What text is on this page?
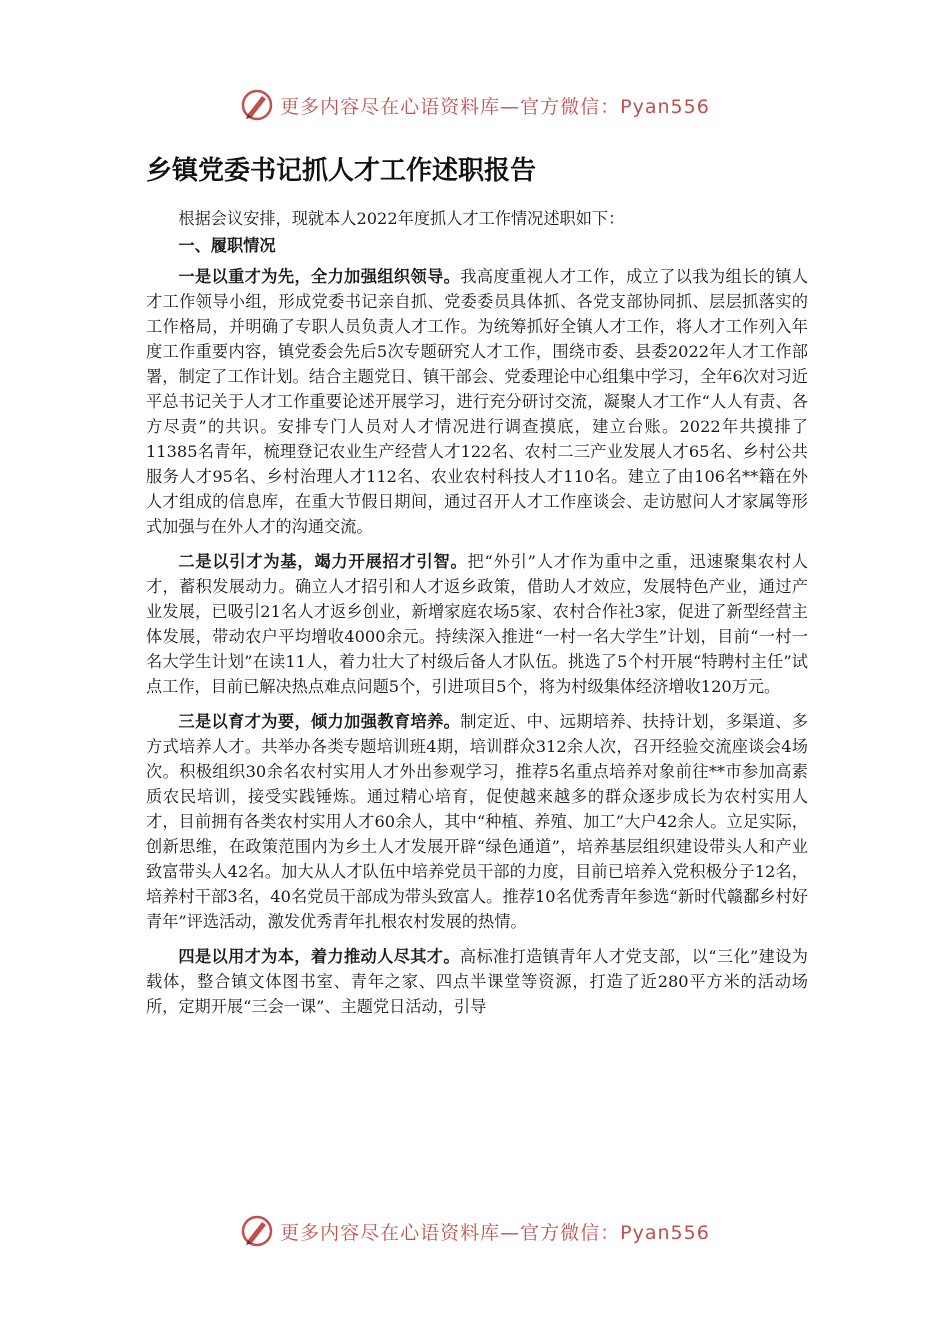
更多内容尽在心语资料库—官方微信：Pyan556
乡镇党委书记抓人才工作述职报告

根据会议安排，现就本人2022年度抓人才工作情况述职如下：

一、履职情况

一是以重才为先，全力加强组织领导。我高度重视人才工作，成立了以我为组长的镇人才工作领导小组，形成党委书记亲自抓、党委委员具体抓、各党支部协同抓、层层抓落实的工作格局，并明确了专职人员负责人才工作。为统筹抓好全镇人才工作，将人才工作列入年度工作重要内容，镇党委会先后5次专题研究人才工作，围绕市委、县委2022年人才工作部署，制定了工作计划。结合主题党日、镇干部会、党委理论中心组集中学习，全年6次对习近平总书记关于人才工作重要论述开展学习，进行充分研讨交流，凝聚人才工作“人人有责、各方尽责”的共识。安排专门人员对人才情况进行调查摸底，建立台账。2022年共摸排了11385名青年，梳理登记农业生产经营人才122名、农村二三产业发展人才65名、乡村公共服务人才95名、乡村治理人才112名、农业农村科技人才110名。建立了由106名**籍在外人才组成的信息库，在重大节假日期间，通过召开人才工作座谈会、走访慰问人才家属等形式加强与在外人才的沟通交流。

二是以引才为基，竭力开展招才引智。把“外引”人才作为重中之重，迅速聚集农村人才，蓄积发展动力。确立人才招引和人才返乡政策，借助人才效应，发展特色产业，通过产业发展，已吸引21名人才返乡创业，新增家庭农场5家、农村合作社3家，促进了新型经营主体发展，带动农户平均增收4000余元。持续深入推进“一村一名大学生”计划，目前“一村一名大学生计划”在读11人，着力壮大了村级后备人才队伍。挑选了5个村开展“特聘村主任”试点工作，目前已解决热点难点问题5个，引进项目5个，将为村级集体经济增收120万元。

三是以育才为要，倾力加强教育培养。制定近、中、远期培养、扶持计划，多渠道、多方式培养人才。共举办各类专题培训班4期，培训群众312余人次，召开经验交流座谈会4场次。积极组织30余名农村实用人才外出参观学习，推荐5名重点培养对象前往**市参加高素质农民培训，接受实践锤炼。通过精心培育，促使越来越多的群众逐步成长为农村实用人才，目前拥有各类农村实用人才60余人，其中“种植、养殖、加工”大户42余人。立足实际，创新思维，在政策范围内为乡土人才发展开辟“绿色通道”，培养基层组织建设带头人和产业致富带头人42名。加大从人才队伍中培养党员干部的力度，目前已培养入党积极分子12名，培养村干部3名，40名党员干部成为带头致富人。推荐10名优秀青年参选“新时代赣鄱乡村好青年”评选活动，激发优秀青年扎根农村发展的热情。

四是以用才为本，着力推动人尽其才。高标准打造镇青年人才党支部，以“三化”建设为载体，整合镇文体图书室、青年之家、四点半课堂等资源，打造了近280平方米的活动场所，定期开展“三会一课”、主题党日活动，引导

更多内容尽在心语资料库—官方微信：Pyan556
